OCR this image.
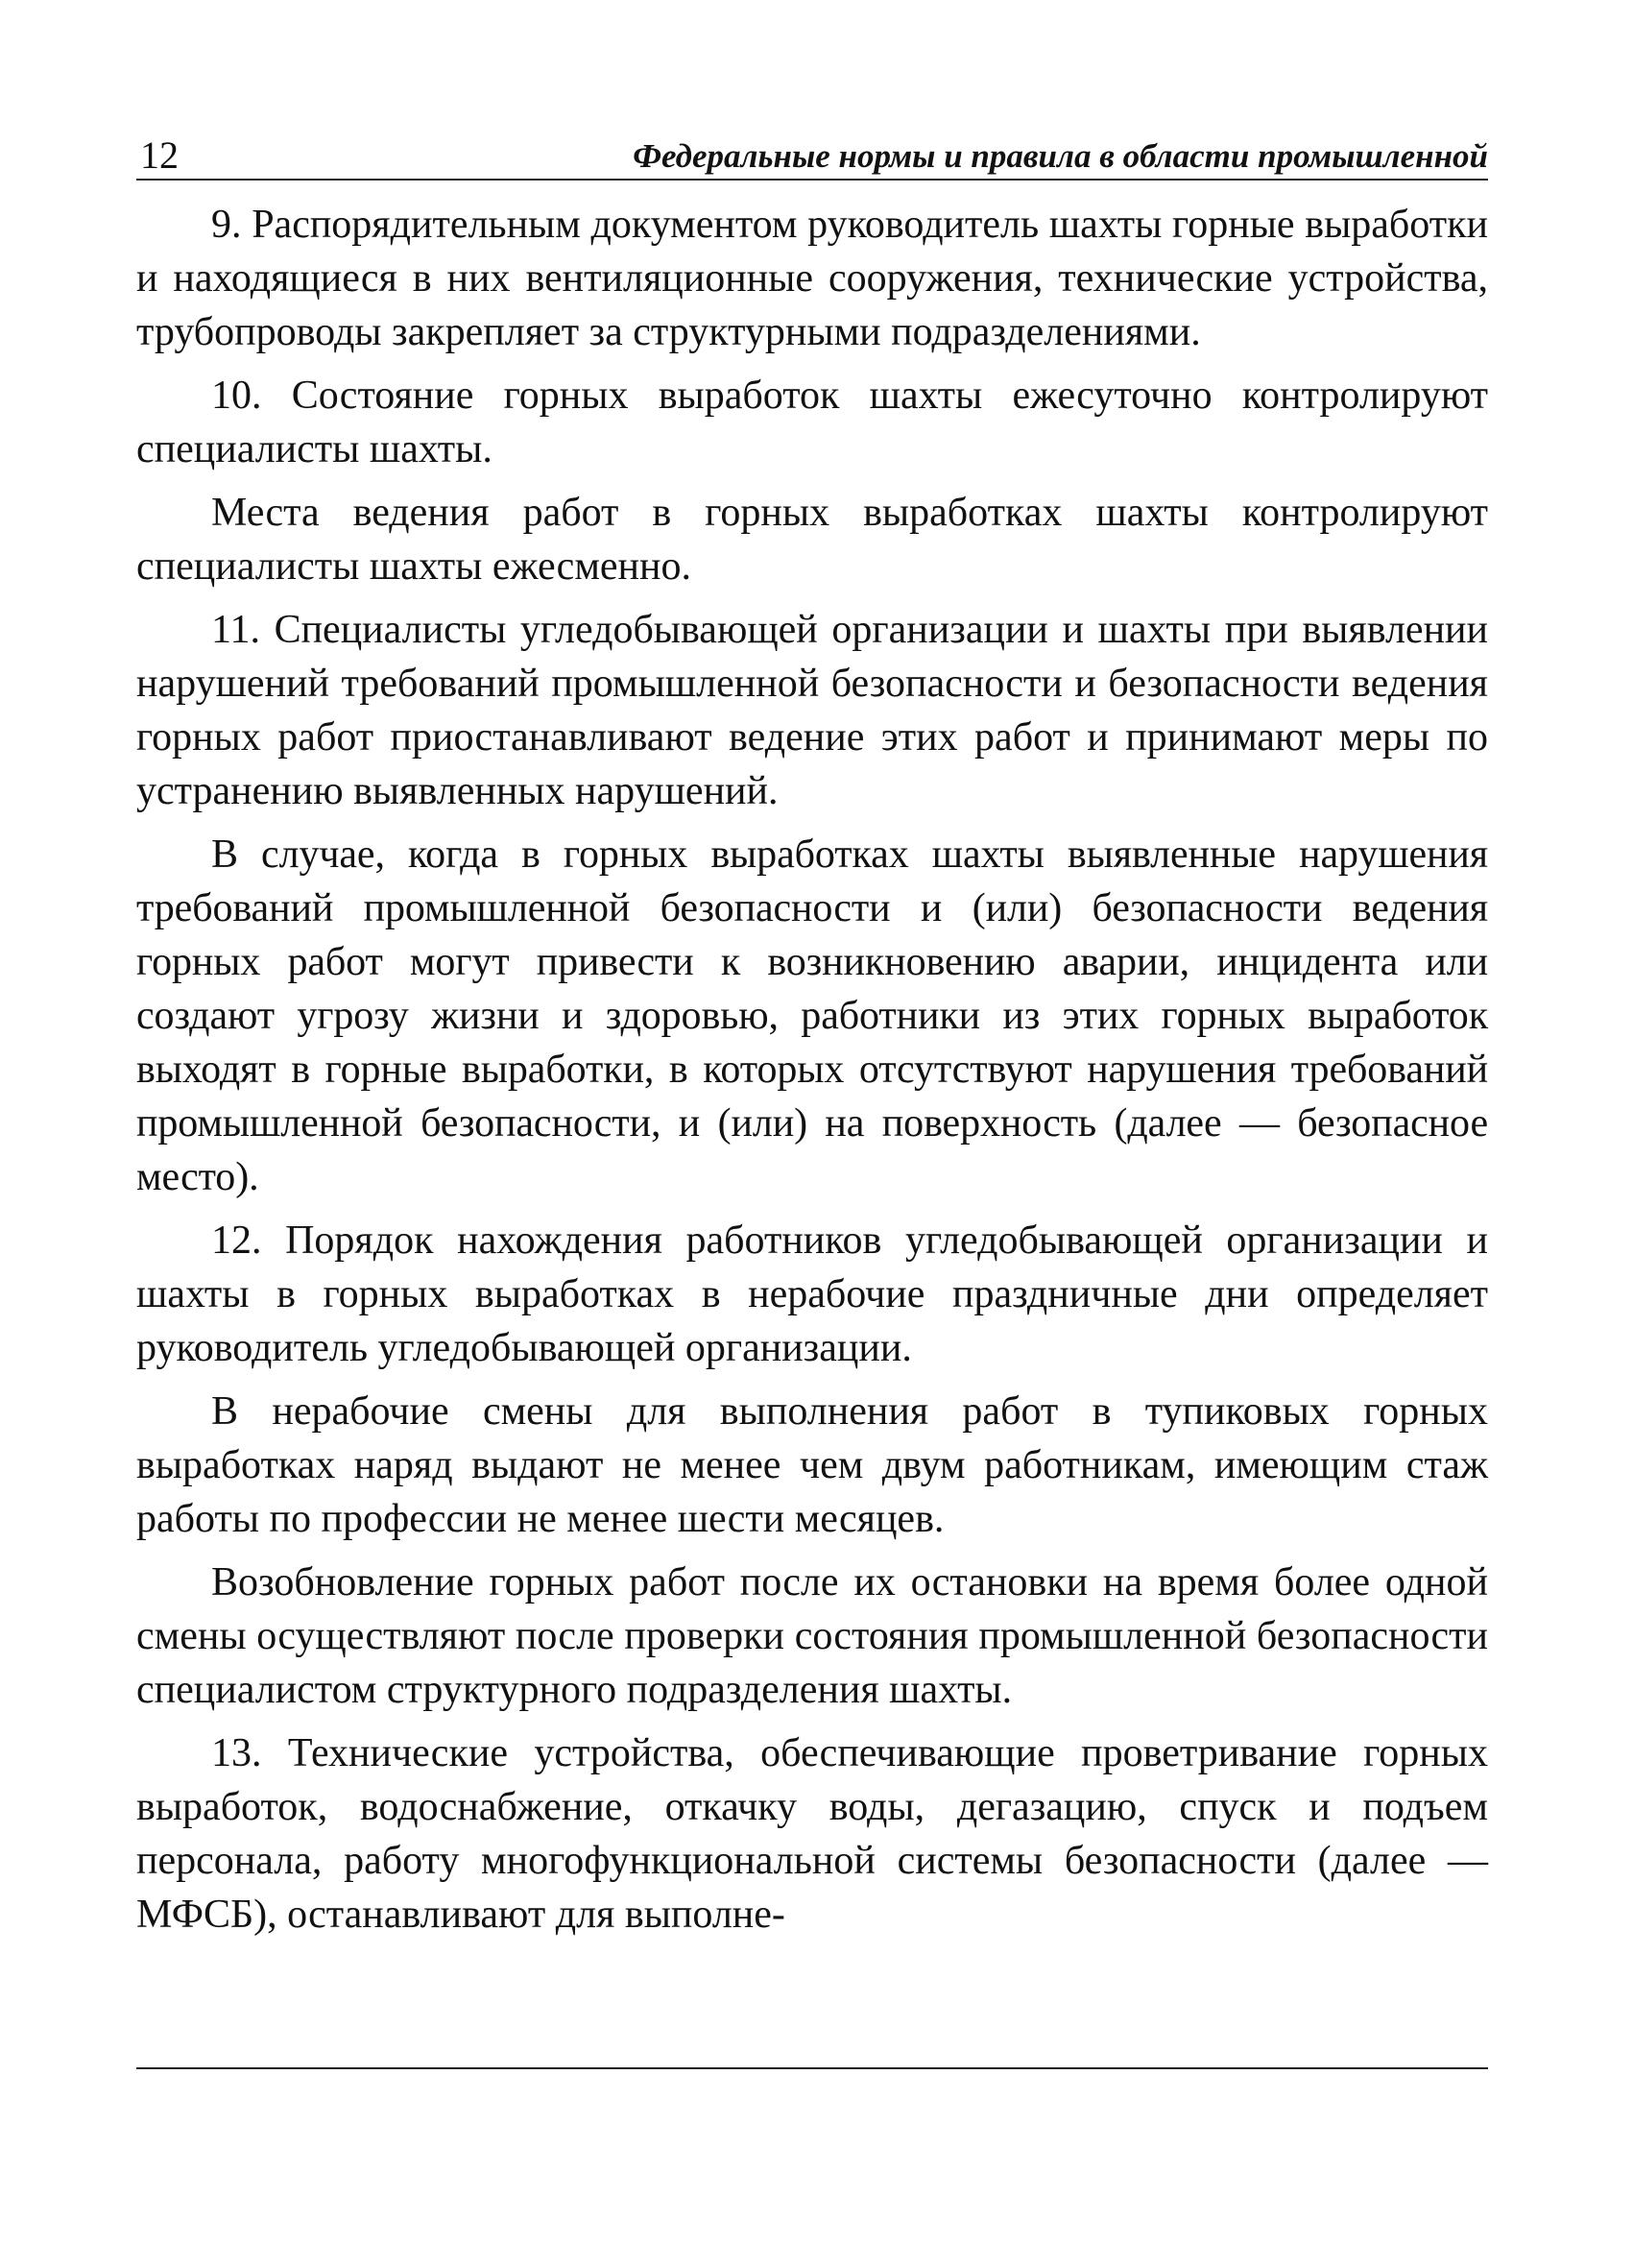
12	Федеральные нормы и правила в области промышленной

9. Распорядительным документом руководитель шахты горные выработки и находящиеся в них вентиляционные сооружения, технические устройства, трубопроводы закрепляет за структурными подразделениями.

10. Состояние горных выработок шахты ежесуточно контролируют специалисты шахты.

Места ведения работ в горных выработках шахты контролируют специалисты шахты ежесменно.

11. Специалисты угледобывающей организации и шахты при выявлении нарушений требований промышленной безопасности и безопасности ведения горных работ приостанавливают ведение этих работ и принимают меры по устранению выявленных нарушений.

В случае, когда в горных выработках шахты выявленные нарушения требований промышленной безопасности и (или) безопасности ведения горных работ могут привести к возникновению аварии, инцидента или создают угрозу жизни и здоровью, работники из этих горных выработок выходят в горные выработки, в которых отсутствуют нарушения требований промышленной безопасности, и (или) на поверхность (далее — безопасное место).

12. Порядок нахождения работников угледобывающей организации и шахты в горных выработках в нерабочие праздничные дни определяет руководитель угледобывающей организации.

В нерабочие смены для выполнения работ в тупиковых горных выработках наряд выдают не менее чем двум работникам, имеющим стаж работы по профессии не менее шести месяцев.

Возобновление горных работ после их остановки на время более одной смены осуществляют после проверки состояния промышленной безопасности специалистом структурного подразделения шахты.

13. Технические устройства, обеспечивающие проветривание горных выработок, водоснабжение, откачку воды, дегазацию, спуск и подъем персонала, работу многофункциональной системы безопасности (далее — МФСБ), останавливают для выполне-
